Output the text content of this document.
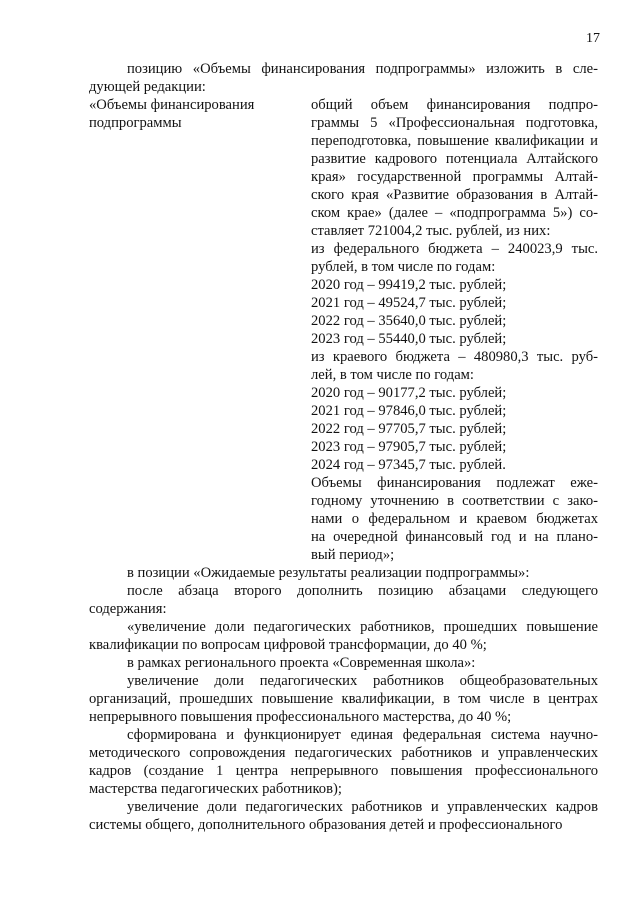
17

позицию «Объемы финансирования подпрограммы» изложить в сле- дующей редакции:

«Объемы финансирования
подпрограммы
общий объем финансирования подпро-
граммы 5 «Профессиональная подготовка,
переподготовка, повышение квалификации и
развитие кадрового потенциала Алтайского
края» государственной программы Алтай-
ского края «Развитие образования в Алтай-
ском крае» (далее – «подпрограмма 5») со-
ставляет 721004,2 тыс. рублей, из них:
из федерального бюджета – 240023,9 тыс.
рублей, в том числе по годам:
2020 год – 99419,2 тыс. рублей;
2021 год – 49524,7 тыс. рублей;
2022 год – 35640,0 тыс. рублей;
2023 год – 55440,0 тыс. рублей;
из краевого бюджета – 480980,3 тыс. руб-
лей, в том числе по годам:
2020 год – 90177,2 тыс. рублей;
2021 год – 97846,0 тыс. рублей;
2022 год – 97705,7 тыс. рублей;
2023 год – 97905,7 тыс. рублей;
2024 год – 97345,7 тыс. рублей.
Объемы финансирования подлежат еже-
годному уточнению в соответствии с зако-
нами о федеральном и краевом бюджетах
на очередной финансовый год и на плано-
вый период»;

в позиции «Ожидаемые результаты реализации подпрограммы»:

после абзаца второго дополнить позицию абзацами следующего содержания:

«увеличение доли педагогических работников, прошедших повышение квалификации по вопросам цифровой трансформации, до 40 %;

в рамках регионального проекта «Современная школа»:

увеличение доли педагогических работников общеобразовательных организаций, прошедших повышение квалификации, в том числе в центрах непрерывного повышения профессионального мастерства, до 40 %;

сформирована и функционирует единая федеральная система научно-методического сопровождения педагогических работников и управленческих кадров (создание 1 центра непрерывного повышения профессионального мастерства педагогических работников);

увеличение доли педагогических работников и управленческих кадров системы общего, дополнительного образования детей и профессионального
